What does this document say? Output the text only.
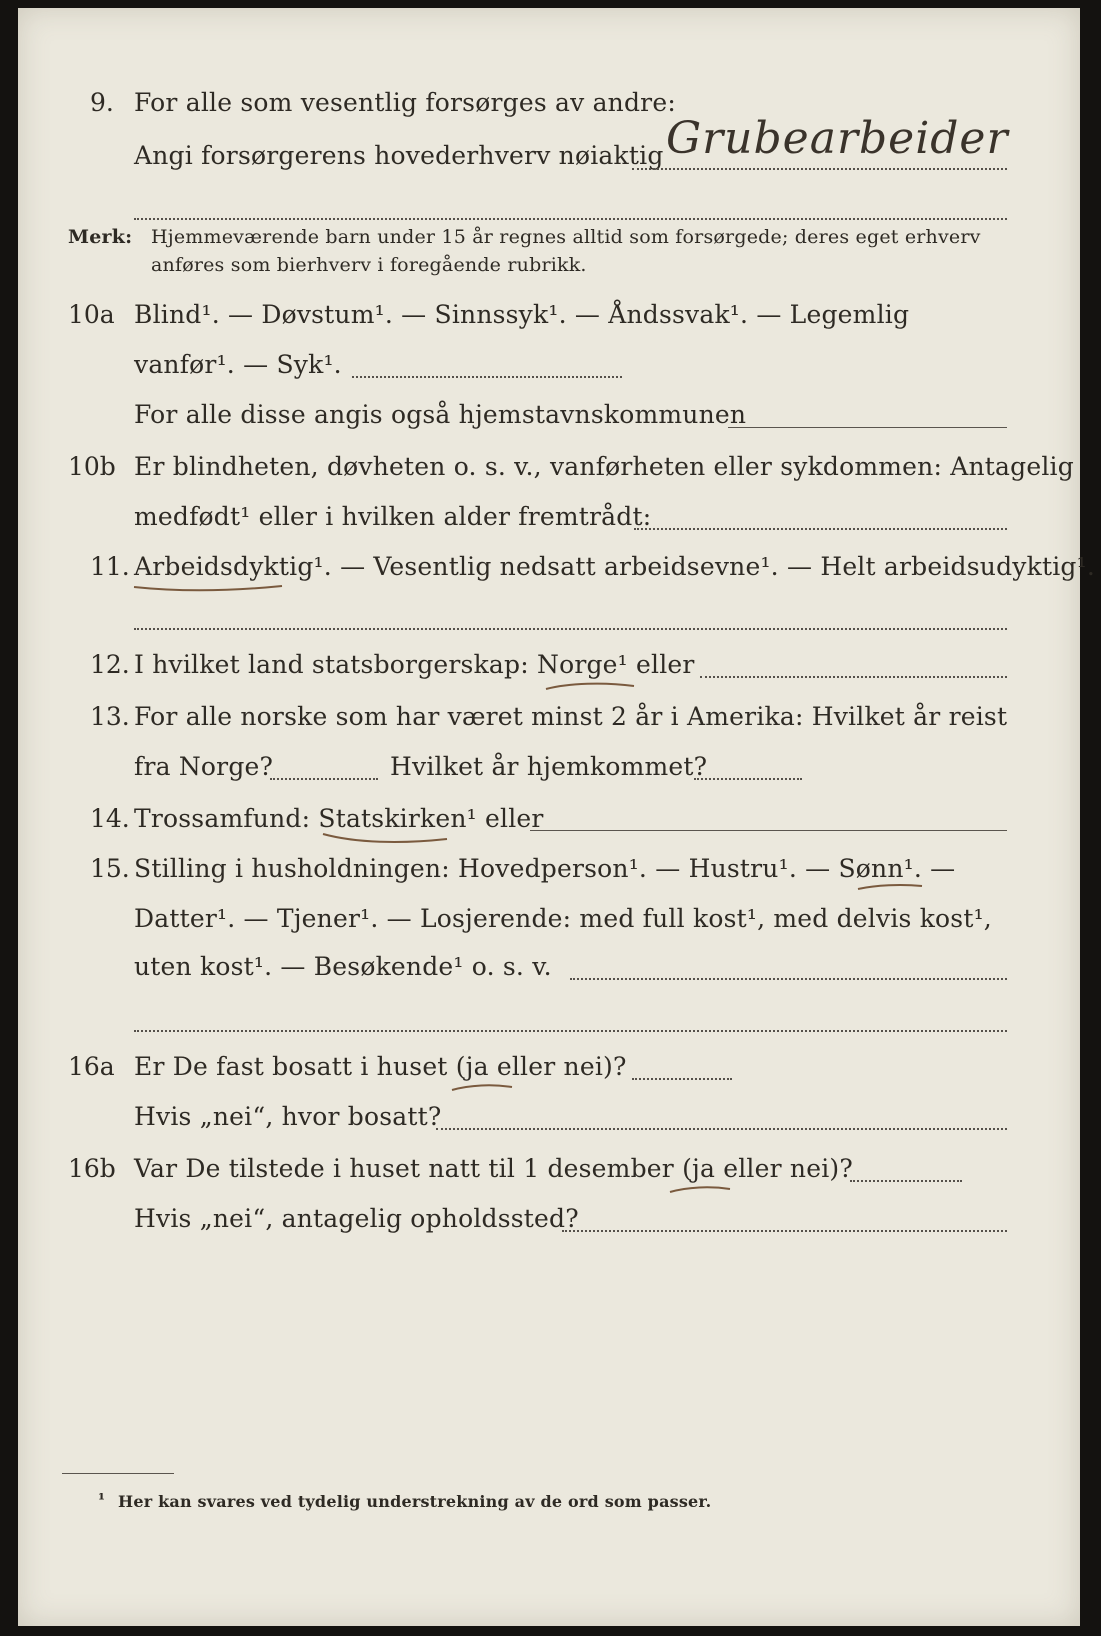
9. For alle som vesentlig forsørges av andre:
Angi forsørgerens hovederhverv nøiaktig Grubearbeider
Merk: Hjemmeværende barn under 15 år regnes alltid som forsørgede; deres eget erhverv
anføres som bierhverv i foregående rubrikk.
10a Blind¹. — Døvstum¹. — Sinnssyk¹. — Åndssvak¹. — Legemlig
vanfør¹. — Syk¹.
For alle disse angis også hjemstavnskommunen
10b Er blindheten, døvheten o. s. v., vanførheten eller sykdommen: Antagelig
medfødt¹ eller i hvilken alder fremtrådt:
11. Arbeidsdyktig¹. — Vesentlig nedsatt arbeidsevne¹. — Helt arbeidsudyktig¹.
12. I hvilket land statsborgerskap: Norge¹ eller
13. For alle norske som har været minst 2 år i Amerika: Hvilket år reist
fra Norge?	Hvilket år hjemkommet?
14. Trossamfund: Statskirken¹ eller
15. Stilling i husholdningen: Hovedperson¹. — Hustru¹. — Sønn¹. —
Datter¹. — Tjener¹. — Losjerende: med full kost¹, med delvis kost¹,
uten kost¹. — Besøkende¹ o. s. v.
16a Er De fast bosatt i huset (ja eller nei)?
Hvis „nei“, hvor bosatt?
16b Var De tilstede i huset natt til 1 desember (ja eller nei)?
Hvis „nei“, antagelig opholdssted?
¹ Her kan svares ved tydelig understrekning av de ord som passer.
